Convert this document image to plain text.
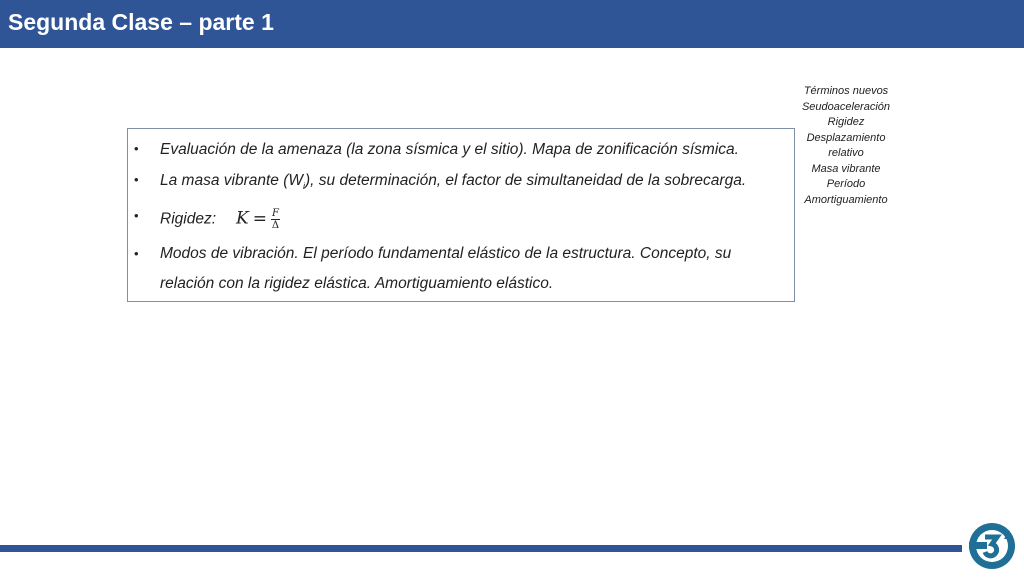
Segunda Clase – parte 1
• Evaluación de la amenaza (la zona sísmica y el sitio). Mapa de zonificación sísmica.
• La masa vibrante $(W_i)$, su determinación, el factor de simultaneidad de la sobrecarga.
• Rigidez: $K = \frac{F}{\Delta}$
• Modos de vibración. El período fundamental elástico de la estructura. Concepto, su
relación con la rigidez elástica. Amortiguamiento elástico.
Términos nuevos
Seudoaceleración
Rigidez
Desplazamiento
relativo
Masa vibrante
Período
Amortiguamiento
